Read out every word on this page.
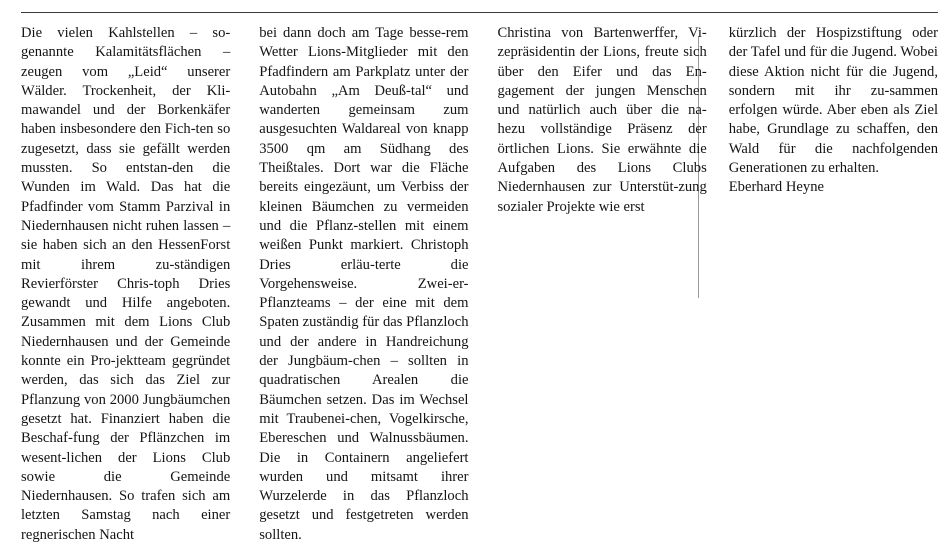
Die vielen Kahlstellen – so-genannte Kalamitätsflächen – zeugen vom „Leid“ unserer Wälder. Trockenheit, der Kli-mawandel und der Borkenkäfer haben insbesondere den Fich-ten so zugesetzt, dass sie gefällt werden mussten. So entstan-den die Wunden im Wald. Das hat die Pfadfinder vom Stamm Parzival in Niedernhausen nicht ruhen lassen – sie haben sich an den HessenForst mit ihrem zu-ständigen Revierförster Chris-toph Dries gewandt und Hilfe angeboten. Zusammen mit dem Lions Club Niedernhausen und der Gemeinde konnte ein Pro-jektteam gegründet werden, das sich das Ziel zur Pflanzung von 2000 Jungbäumchen gesetzt hat. Finanziert haben die Beschaf-fung der Pflänzchen im wesent-lichen der Lions Club sowie die Gemeinde Niedernhausen. So trafen sich am letzten Samstag nach einer regnerischen Nacht

bei dann doch am Tage besse-rem Wetter Lions-Mitglieder mit den Pfadfindern am Parkplatz unter der Autobahn „Am Deuß-tal“ und wanderten gemeinsam zum ausgesuchten Waldareal von knapp 3500 qm am Südhang des Theißtales. Dort war die Fläche bereits eingezäunt, um Verbiss der kleinen Bäumchen zu vermeiden und die Pflanz-stellen mit einem weißen Punkt markiert. Christoph Dries erläu-terte die Vorgehensweise. Zwei-er-Pflanzteams – der eine mit dem Spaten zuständig für das Pflanzloch und der andere in Handreichung der Jungbäum-chen – sollten in quadratischen Arealen die Bäumchen setzen. Das im Wechsel mit Traubenei-chen, Vogelkirsche, Ebereschen und Walnussbäumen. Die in Containern angeliefert wurden und mitsamt ihrer Wurzelerde in das Pflanzloch gesetzt und festgetreten werden sollten.

Christina von Bartenwerffer, Vi-zepräsidentin der Lions, freute sich über den Eifer und das En-gagement der jungen Menschen und natürlich auch über die na-hezu vollständige Präsenz der örtlichen Lions. Sie erwähnte die Aufgaben des Lions Clubs Niedernhausen zur Unterstüt-zung sozialer Projekte wie erst

kürzlich der Hospizstiftung oder der Tafel und für die Jugend. Wobei diese Aktion nicht für die Jugend, sondern mit ihr zu-sammen erfolgen würde. Aber eben als Ziel habe, Grundlage zu schaffen, den Wald für die nachfolgenden Generationen zu erhalten.

Eberhard Heyne
